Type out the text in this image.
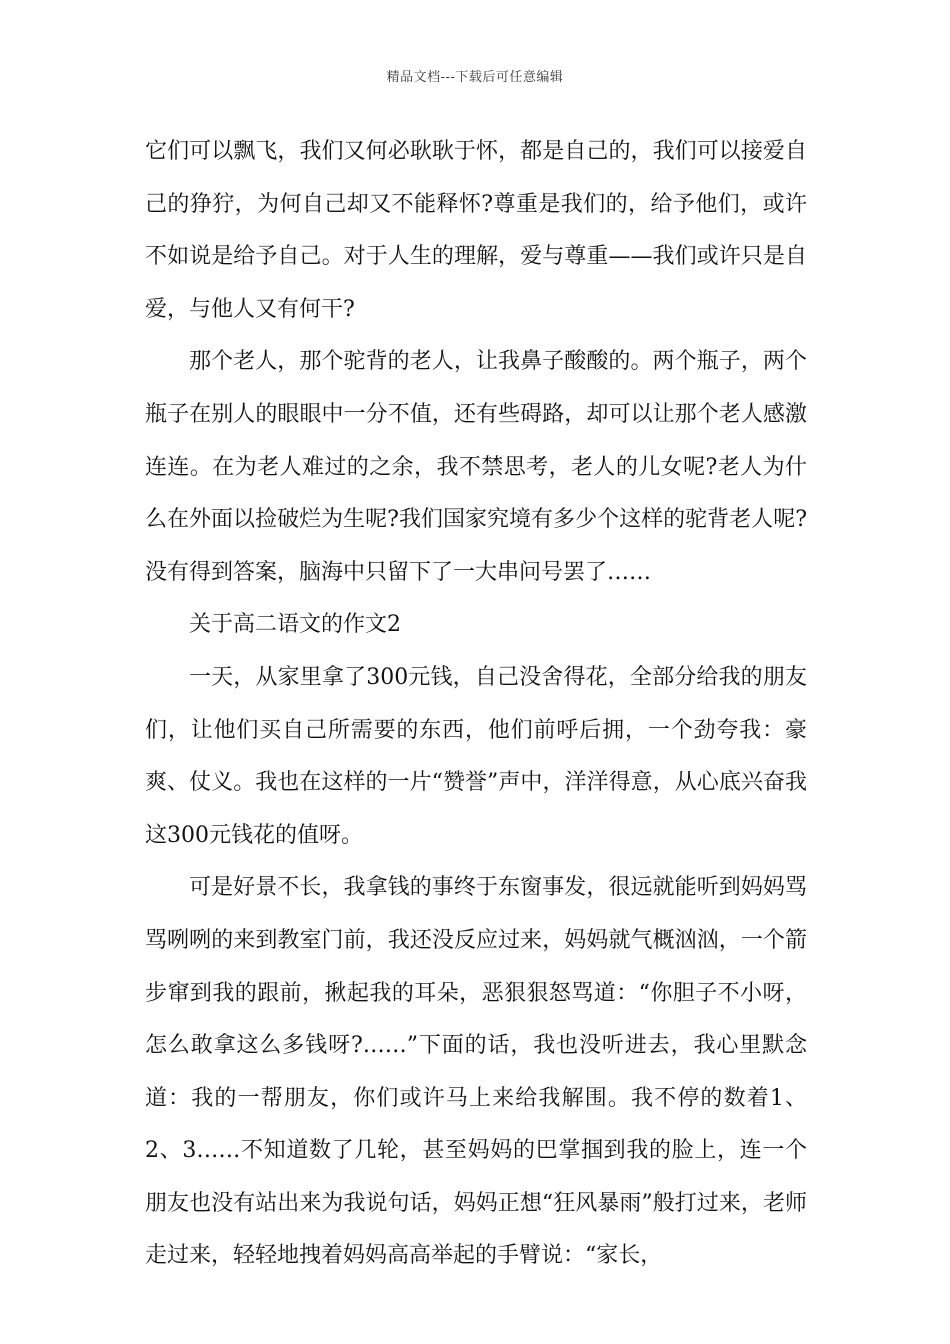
精品文档---下载后可任意编辑

它们可以飘飞，我们又何必耿耿于怀，都是自己的，我们可以接爱自己的狰狞，为何自己却又不能释怀?尊重是我们的，给予他们，或许不如说是给予自己。对于人生的理解，爱与尊重——我们或许只是自爱，与他人又有何干?

那个老人，那个驼背的老人，让我鼻子酸酸的。两个瓶子，两个瓶子在别人的眼眼中一分不值，还有些碍路，却可以让那个老人感激连连。在为老人难过的之余，我不禁思考，老人的儿女呢?老人为什么在外面以捡破烂为生呢?我们国家究境有多少个这样的驼背老人呢?没有得到答案，脑海中只留下了一大串问号罢了……

关于高二语文的作文2

一天，从家里拿了300元钱，自己没舍得花，全部分给我的朋友们，让他们买自己所需要的东西，他们前呼后拥，一个劲夸我：豪爽、仗义。我也在这样的一片“赞誉”声中，洋洋得意，从心底兴奋我这300元钱花的值呀。

可是好景不长，我拿钱的事终于东窗事发，很远就能听到妈妈骂骂咧咧的来到教室门前，我还没反应过来，妈妈就气概汹汹，一个箭步窜到我的跟前，揪起我的耳朵，恶狠狠怒骂道：“你胆子不小呀，怎么敢拿这么多钱呀?……”下面的话，我也没听进去，我心里默念道：我的一帮朋友，你们或许马上来给我解围。我不停的数着1、2、3……不知道数了几轮，甚至妈妈的巴掌掴到我的脸上，连一个朋友也没有站出来为我说句话，妈妈正想“狂风暴雨”般打过来，老师走过来，轻轻地拽着妈妈高高举起的手臂说：“家长，
